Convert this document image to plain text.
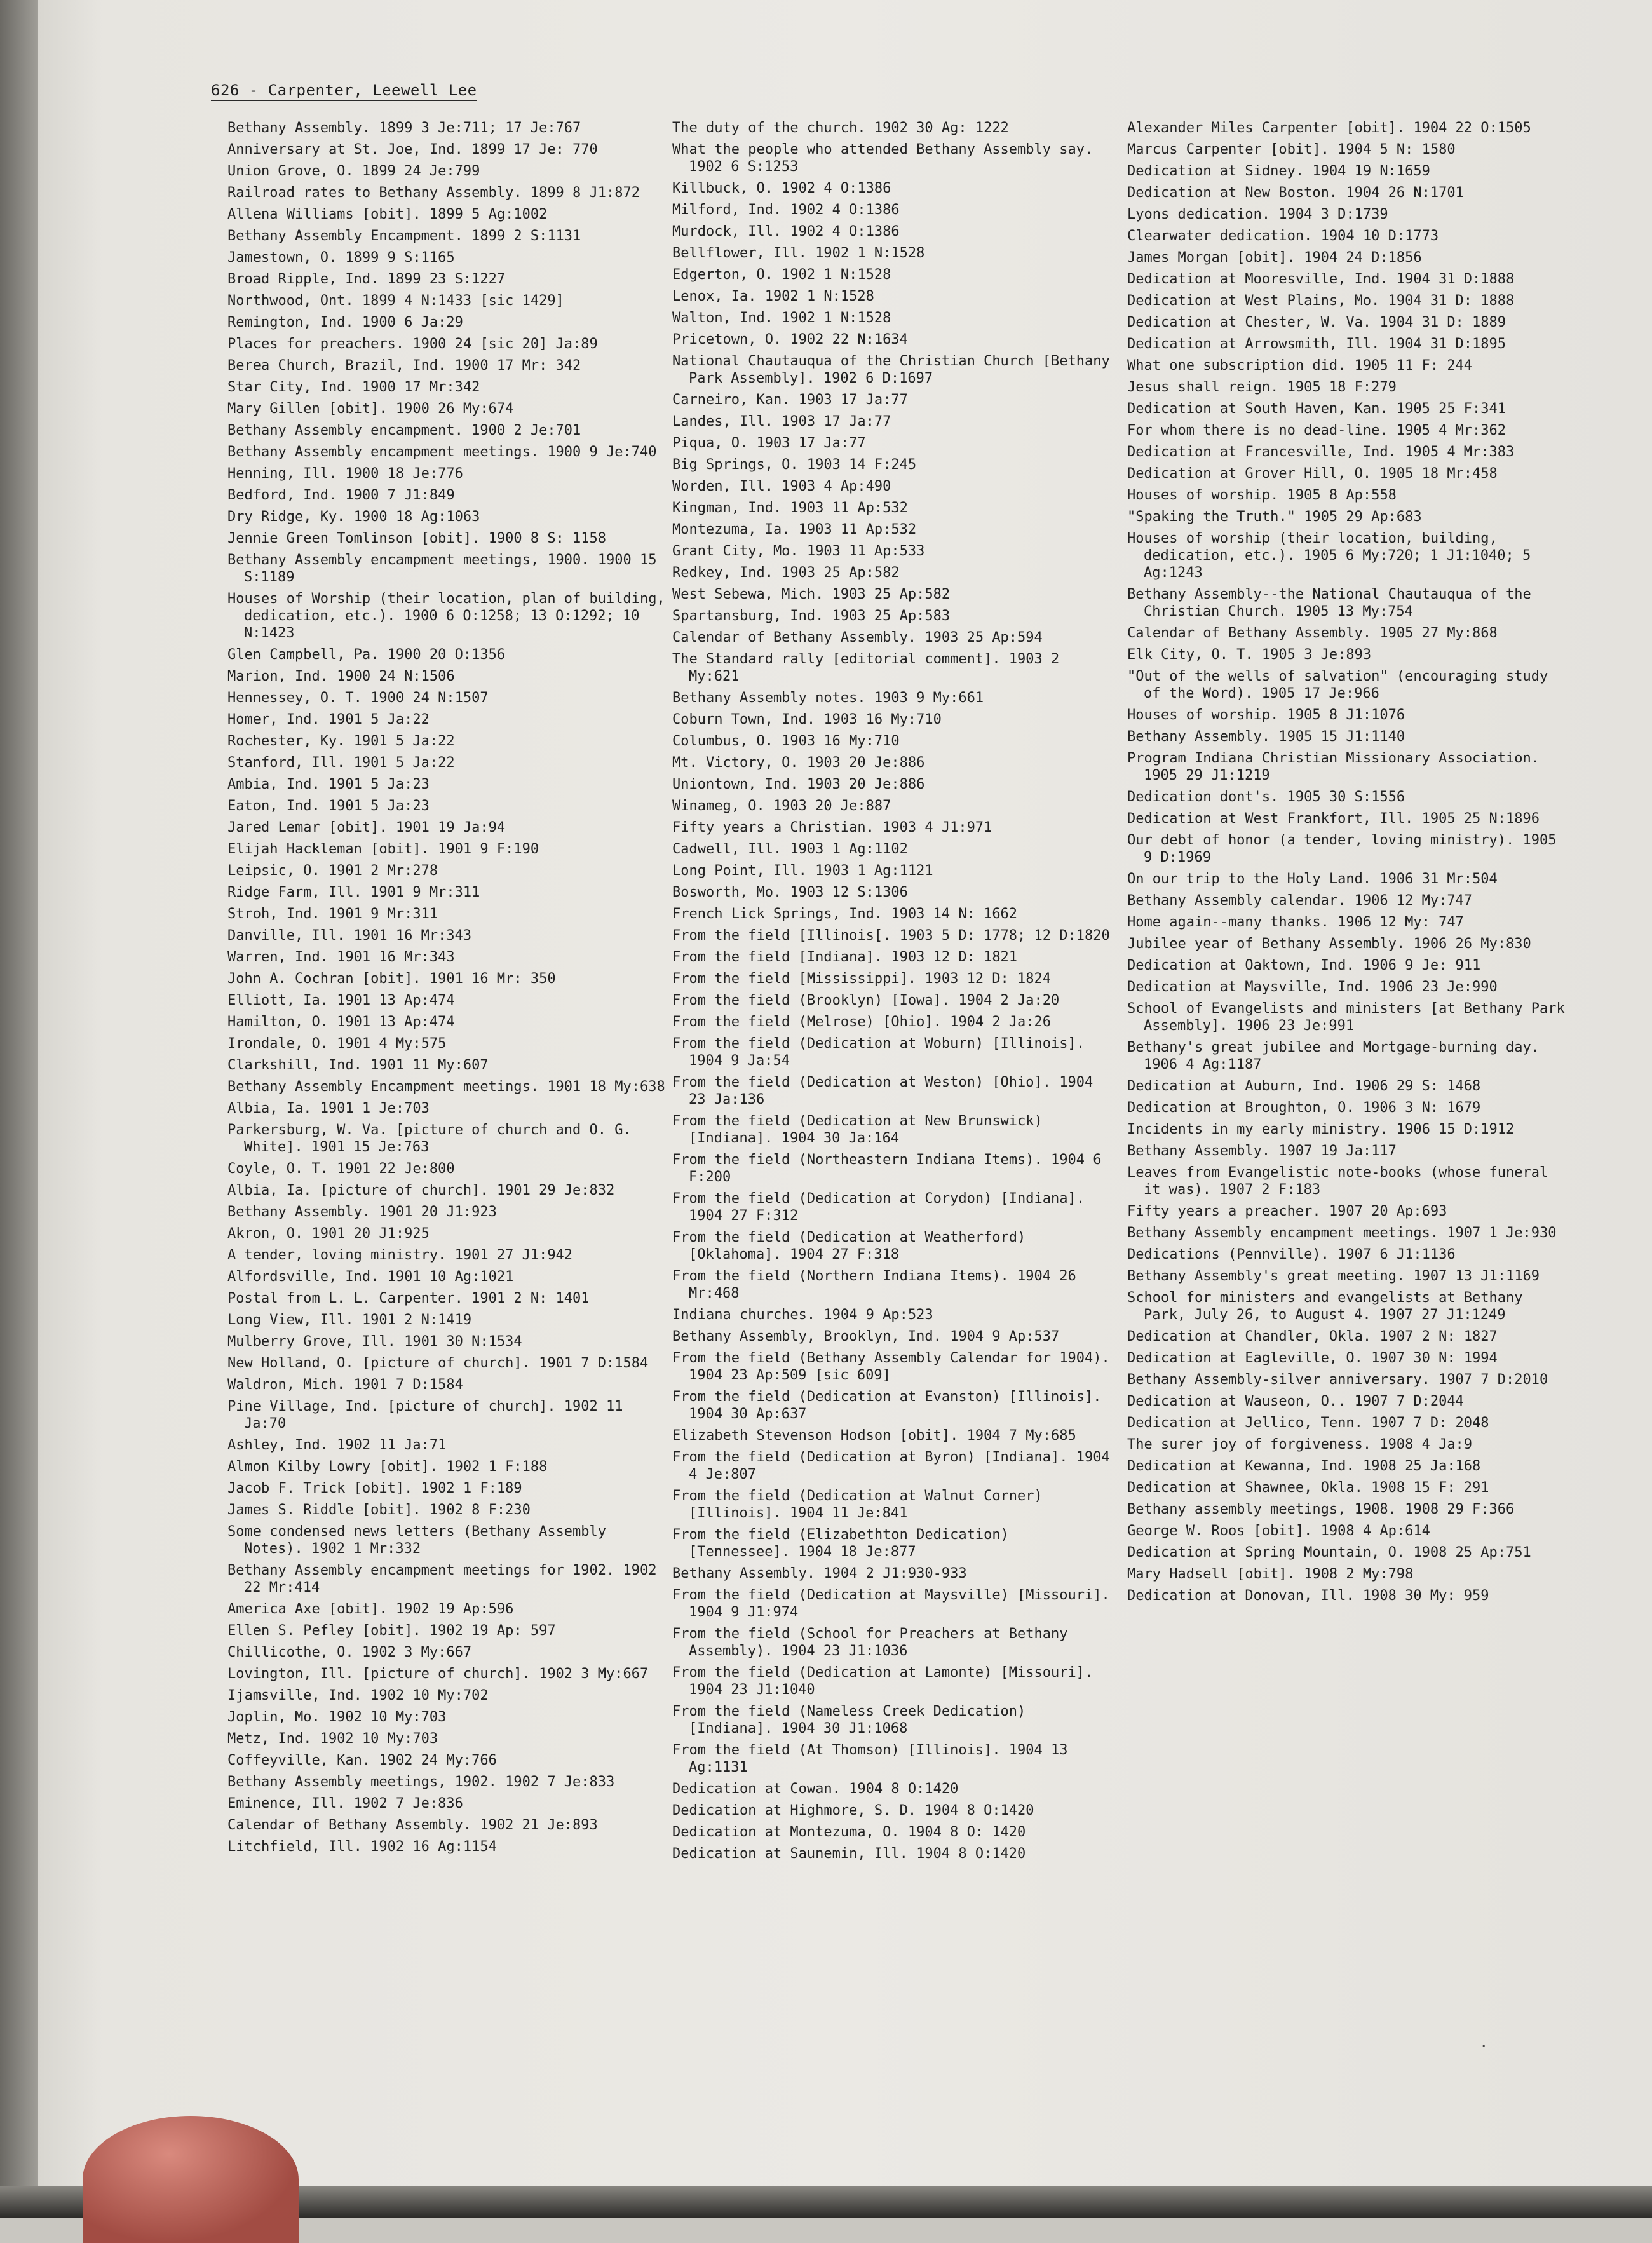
626 - Carpenter, Leewell Lee
Bethany Assembly. 1899 3 Je:711; 17 Je:767
Anniversary at St. Joe, Ind. 1899 17 Je: 770
Union Grove, O. 1899 24 Je:799
Railroad rates to Bethany Assembly. 1899 8 J1:872
Allena Williams [obit]. 1899 5 Ag:1002
Bethany Assembly Encampment. 1899 2 S:1131
Jamestown, O. 1899 9 S:1165
Broad Ripple, Ind. 1899 23 S:1227
Northwood, Ont. 1899 4 N:1433 [sic 1429]
Remington, Ind. 1900 6 Ja:29
Places for preachers. 1900 24 [sic 20] Ja:89
Berea Church, Brazil, Ind. 1900 17 Mr: 342
Star City, Ind. 1900 17 Mr:342
Mary Gillen [obit]. 1900 26 My:674
Bethany Assembly encampment. 1900 2 Je:701
Bethany Assembly encampment meetings. 1900 9 Je:740
Henning, Ill. 1900 18 Je:776
Bedford, Ind. 1900 7 J1:849
Dry Ridge, Ky. 1900 18 Ag:1063
Jennie Green Tomlinson [obit]. 1900 8 S: 1158
Bethany Assembly encampment meetings, 1900. 1900 15 S:1189
Houses of Worship (their location, plan of building, dedication, etc.). 1900 6 O:1258; 13 O:1292; 10 N:1423
Glen Campbell, Pa. 1900 20 O:1356
Marion, Ind. 1900 24 N:1506
Hennessey, O. T. 1900 24 N:1507
Homer, Ind. 1901 5 Ja:22
Rochester, Ky. 1901 5 Ja:22
Stanford, Ill. 1901 5 Ja:22
Ambia, Ind. 1901 5 Ja:23
Eaton, Ind. 1901 5 Ja:23
Jared Lemar [obit]. 1901 19 Ja:94
Elijah Hackleman [obit]. 1901 9 F:190
Leipsic, O. 1901 2 Mr:278
Ridge Farm, Ill. 1901 9 Mr:311
Stroh, Ind. 1901 9 Mr:311
Danville, Ill. 1901 16 Mr:343
Warren, Ind. 1901 16 Mr:343
John A. Cochran [obit]. 1901 16 Mr: 350
Elliott, Ia. 1901 13 Ap:474
Hamilton, O. 1901 13 Ap:474
Irondale, O. 1901 4 My:575
Clarkshill, Ind. 1901 11 My:607
Bethany Assembly Encampment meetings. 1901 18 My:638
Albia, Ia. 1901 1 Je:703
Parkersburg, W. Va. [picture of church and O. G. White]. 1901 15 Je:763
Coyle, O. T. 1901 22 Je:800
Albia, Ia. [picture of church]. 1901 29 Je:832
Bethany Assembly. 1901 20 J1:923
Akron, O. 1901 20 J1:925
A tender, loving ministry. 1901 27 J1:942
Alfordsville, Ind. 1901 10 Ag:1021
Postal from L. L. Carpenter. 1901 2 N: 1401
Long View, Ill. 1901 2 N:1419
Mulberry Grove, Ill. 1901 30 N:1534
New Holland, O. [picture of church]. 1901 7 D:1584
Waldron, Mich. 1901 7 D:1584
Pine Village, Ind. [picture of church]. 1902 11 Ja:70
Ashley, Ind. 1902 11 Ja:71
Almon Kilby Lowry [obit]. 1902 1 F:188
Jacob F. Trick [obit]. 1902 1 F:189
James S. Riddle [obit]. 1902 8 F:230
Some condensed news letters (Bethany Assembly Notes). 1902 1 Mr:332
Bethany Assembly encampment meetings for 1902. 1902 22 Mr:414
America Axe [obit]. 1902 19 Ap:596
Ellen S. Pefley [obit]. 1902 19 Ap: 597
Chillicothe, O. 1902 3 My:667
Lovington, Ill. [picture of church]. 1902 3 My:667
Ijamsville, Ind. 1902 10 My:702
Joplin, Mo. 1902 10 My:703
Metz, Ind. 1902 10 My:703
Coffeyville, Kan. 1902 24 My:766
Bethany Assembly meetings, 1902. 1902 7 Je:833
Eminence, Ill. 1902 7 Je:836
Calendar of Bethany Assembly. 1902 21 Je:893
Litchfield, Ill. 1902 16 Ag:1154
The duty of the church. 1902 30 Ag: 1222
What the people who attended Bethany Assembly say. 1902 6 S:1253
Killbuck, O. 1902 4 O:1386
Milford, Ind. 1902 4 O:1386
Murdock, Ill. 1902 4 O:1386
Bellflower, Ill. 1902 1 N:1528
Edgerton, O. 1902 1 N:1528
Lenox, Ia. 1902 1 N:1528
Walton, Ind. 1902 1 N:1528
Pricetown, O. 1902 22 N:1634
National Chautauqua of the Christian Church [Bethany Park Assembly]. 1902 6 D:1697
Carneiro, Kan. 1903 17 Ja:77
Landes, Ill. 1903 17 Ja:77
Piqua, O. 1903 17 Ja:77
Big Springs, O. 1903 14 F:245
Worden, Ill. 1903 4 Ap:490
Kingman, Ind. 1903 11 Ap:532
Montezuma, Ia. 1903 11 Ap:532
Grant City, Mo. 1903 11 Ap:533
Redkey, Ind. 1903 25 Ap:582
West Sebewa, Mich. 1903 25 Ap:582
Spartansburg, Ind. 1903 25 Ap:583
Calendar of Bethany Assembly. 1903 25 Ap:594
The Standard rally [editorial comment]. 1903 2 My:621
Bethany Assembly notes. 1903 9 My:661
Coburn Town, Ind. 1903 16 My:710
Columbus, O. 1903 16 My:710
Mt. Victory, O. 1903 20 Je:886
Uniontown, Ind. 1903 20 Je:886
Winameg, O. 1903 20 Je:887
Fifty years a Christian. 1903 4 J1:971
Cadwell, Ill. 1903 1 Ag:1102
Long Point, Ill. 1903 1 Ag:1121
Bosworth, Mo. 1903 12 S:1306
French Lick Springs, Ind. 1903 14 N: 1662
From the field [Illinois[. 1903 5 D: 1778; 12 D:1820
From the field [Indiana]. 1903 12 D: 1821
From the field [Mississippi]. 1903 12 D: 1824
From the field (Brooklyn) [Iowa]. 1904 2 Ja:20
From the field (Melrose) [Ohio]. 1904 2 Ja:26
From the field (Dedication at Woburn) [Illinois]. 1904 9 Ja:54
From the field (Dedication at Weston) [Ohio]. 1904 23 Ja:136
From the field (Dedication at New Brunswick) [Indiana]. 1904 30 Ja:164
From the field (Northeastern Indiana Items). 1904 6 F:200
From the field (Dedication at Corydon) [Indiana]. 1904 27 F:312
From the field (Dedication at Weatherford) [Oklahoma]. 1904 27 F:318
From the field (Northern Indiana Items). 1904 26 Mr:468
Indiana churches. 1904 9 Ap:523
Bethany Assembly, Brooklyn, Ind. 1904 9 Ap:537
From the field (Bethany Assembly Calendar for 1904). 1904 23 Ap:509 [sic 609]
From the field (Dedication at Evanston) [Illinois]. 1904 30 Ap:637
Elizabeth Stevenson Hodson [obit]. 1904 7 My:685
From the field (Dedication at Byron) [Indiana]. 1904 4 Je:807
From the field (Dedication at Walnut Corner) [Illinois]. 1904 11 Je:841
From the field (Elizabethton Dedication) [Tennessee]. 1904 18 Je:877
Bethany Assembly. 1904 2 J1:930-933
From the field (Dedication at Maysville) [Missouri]. 1904 9 J1:974
From the field (School for Preachers at Bethany Assembly). 1904 23 J1:1036
From the field (Dedication at Lamonte) [Missouri]. 1904 23 J1:1040
From the field (Nameless Creek Dedication) [Indiana]. 1904 30 J1:1068
From the field (At Thomson) [Illinois]. 1904 13 Ag:1131
Dedication at Cowan. 1904 8 O:1420
Dedication at Highmore, S. D. 1904 8 O:1420
Dedication at Montezuma, O. 1904 8 O: 1420
Dedication at Saunemin, Ill. 1904 8 O:1420
Alexander Miles Carpenter [obit]. 1904 22 O:1505
Marcus Carpenter [obit]. 1904 5 N: 1580
Dedication at Sidney. 1904 19 N:1659
Dedication at New Boston. 1904 26 N:1701
Lyons dedication. 1904 3 D:1739
Clearwater dedication. 1904 10 D:1773
James Morgan [obit]. 1904 24 D:1856
Dedication at Mooresville, Ind. 1904 31 D:1888
Dedication at West Plains, Mo. 1904 31 D: 1888
Dedication at Chester, W. Va. 1904 31 D: 1889
Dedication at Arrowsmith, Ill. 1904 31 D:1895
What one subscription did. 1905 11 F: 244
Jesus shall reign. 1905 18 F:279
Dedication at South Haven, Kan. 1905 25 F:341
For whom there is no dead-line. 1905 4 Mr:362
Dedication at Francesville, Ind. 1905 4 Mr:383
Dedication at Grover Hill, O. 1905 18 Mr:458
Houses of worship. 1905 8 Ap:558
"Spaking the Truth." 1905 29 Ap:683
Houses of worship (their location, building, dedication, etc.). 1905 6 My:720; 1 J1:1040; 5 Ag:1243
Bethany Assembly--the National Chautauqua of the Christian Church. 1905 13 My:754
Calendar of Bethany Assembly. 1905 27 My:868
Elk City, O. T. 1905 3 Je:893
"Out of the wells of salvation" (encouraging study of the Word). 1905 17 Je:966
Houses of worship. 1905 8 J1:1076
Bethany Assembly. 1905 15 J1:1140
Program Indiana Christian Missionary Association. 1905 29 J1:1219
Dedication dont's. 1905 30 S:1556
Dedication at West Frankfort, Ill. 1905 25 N:1896
Our debt of honor (a tender, loving ministry). 1905 9 D:1969
On our trip to the Holy Land. 1906 31 Mr:504
Bethany Assembly calendar. 1906 12 My:747
Home again--many thanks. 1906 12 My: 747
Jubilee year of Bethany Assembly. 1906 26 My:830
Dedication at Oaktown, Ind. 1906 9 Je: 911
Dedication at Maysville, Ind. 1906 23 Je:990
School of Evangelists and ministers [at Bethany Park Assembly]. 1906 23 Je:991
Bethany's great jubilee and Mortgage-burning day. 1906 4 Ag:1187
Dedication at Auburn, Ind. 1906 29 S: 1468
Dedication at Broughton, O. 1906 3 N: 1679
Incidents in my early ministry. 1906 15 D:1912
Bethany Assembly. 1907 19 Ja:117
Leaves from Evangelistic note-books (whose funeral it was). 1907 2 F:183
Fifty years a preacher. 1907 20 Ap:693
Bethany Assembly encampment meetings. 1907 1 Je:930
Dedications (Pennville). 1907 6 J1:1136
Bethany Assembly's great meeting. 1907 13 J1:1169
School for ministers and evangelists at Bethany Park, July 26, to August 4. 1907 27 J1:1249
Dedication at Chandler, Okla. 1907 2 N: 1827
Dedication at Eagleville, O. 1907 30 N: 1994
Bethany Assembly-silver anniversary. 1907 7 D:2010
Dedication at Wauseon, O.. 1907 7 D:2044
Dedication at Jellico, Tenn. 1907 7 D: 2048
The surer joy of forgiveness. 1908 4 Ja:9
Dedication at Kewanna, Ind. 1908 25 Ja:168
Dedication at Shawnee, Okla. 1908 15 F: 291
Bethany assembly meetings, 1908. 1908 29 F:366
George W. Roos [obit]. 1908 4 Ap:614
Dedication at Spring Mountain, O. 1908 25 Ap:751
Mary Hadsell [obit]. 1908 2 My:798
Dedication at Donovan, Ill. 1908 30 My: 959
.
